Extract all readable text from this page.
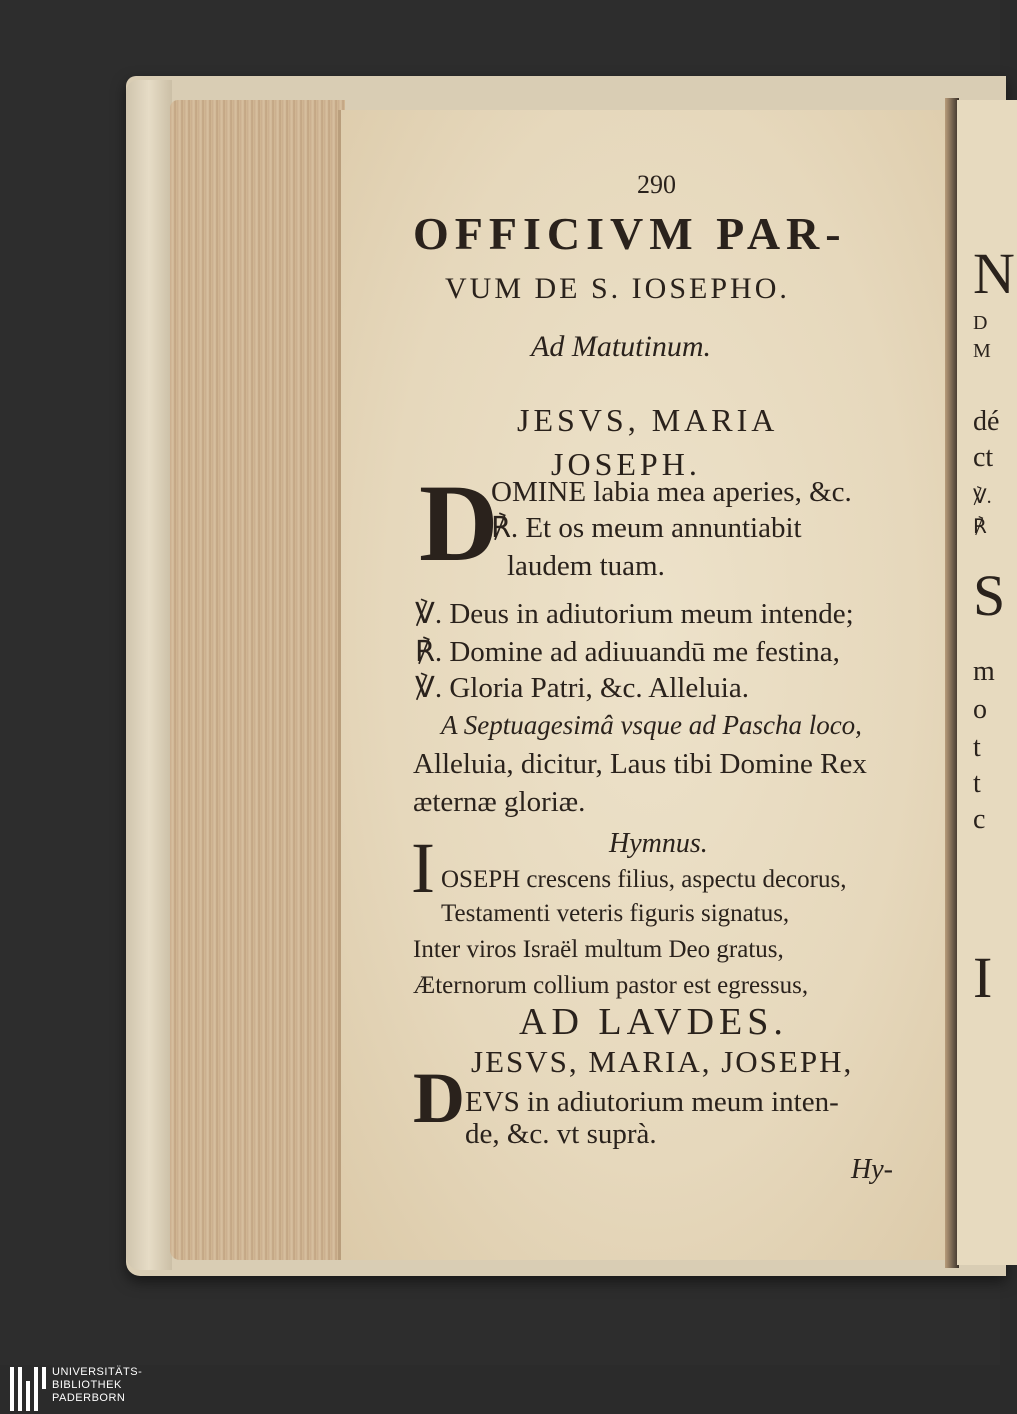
290
OFFICIVM PAR-
VUM DE S. IOSEPHO.
Ad Matutinum.
JESVS, MARIA
JOSEPH.
D
OMINE labia mea aperies, &c.
℟. Et os meum annuntiabit
laudem tuam.
℣. Deus in adiutorium meum intende;
℟. Domine ad adiuuandū me festina,
℣. Gloria Patri, &c. Alleluia.
A Septuagesimâ vsque ad Pascha loco,
Alleluia, dicitur, Laus tibi Domine Rex
æternæ gloriæ.
Hymnus.
I OSEPH crescens filius, aspectu decorus,
Testamenti veteris figuris signatus,
Inter viros Israël multum Deo gratus,
Æternorum collium pastor est egressus,
AD LAVDES.
JESVS, MARIA, JOSEPH,
D EVS in adiutorium meum inten-
de, &c. vt suprà.
Hy-
N
D
M
dé
ct
℣.
℟
S
m
o
t
t
c
I
UNIVERSITÄTS-
BIBLIOTHEK
PADERBORN
